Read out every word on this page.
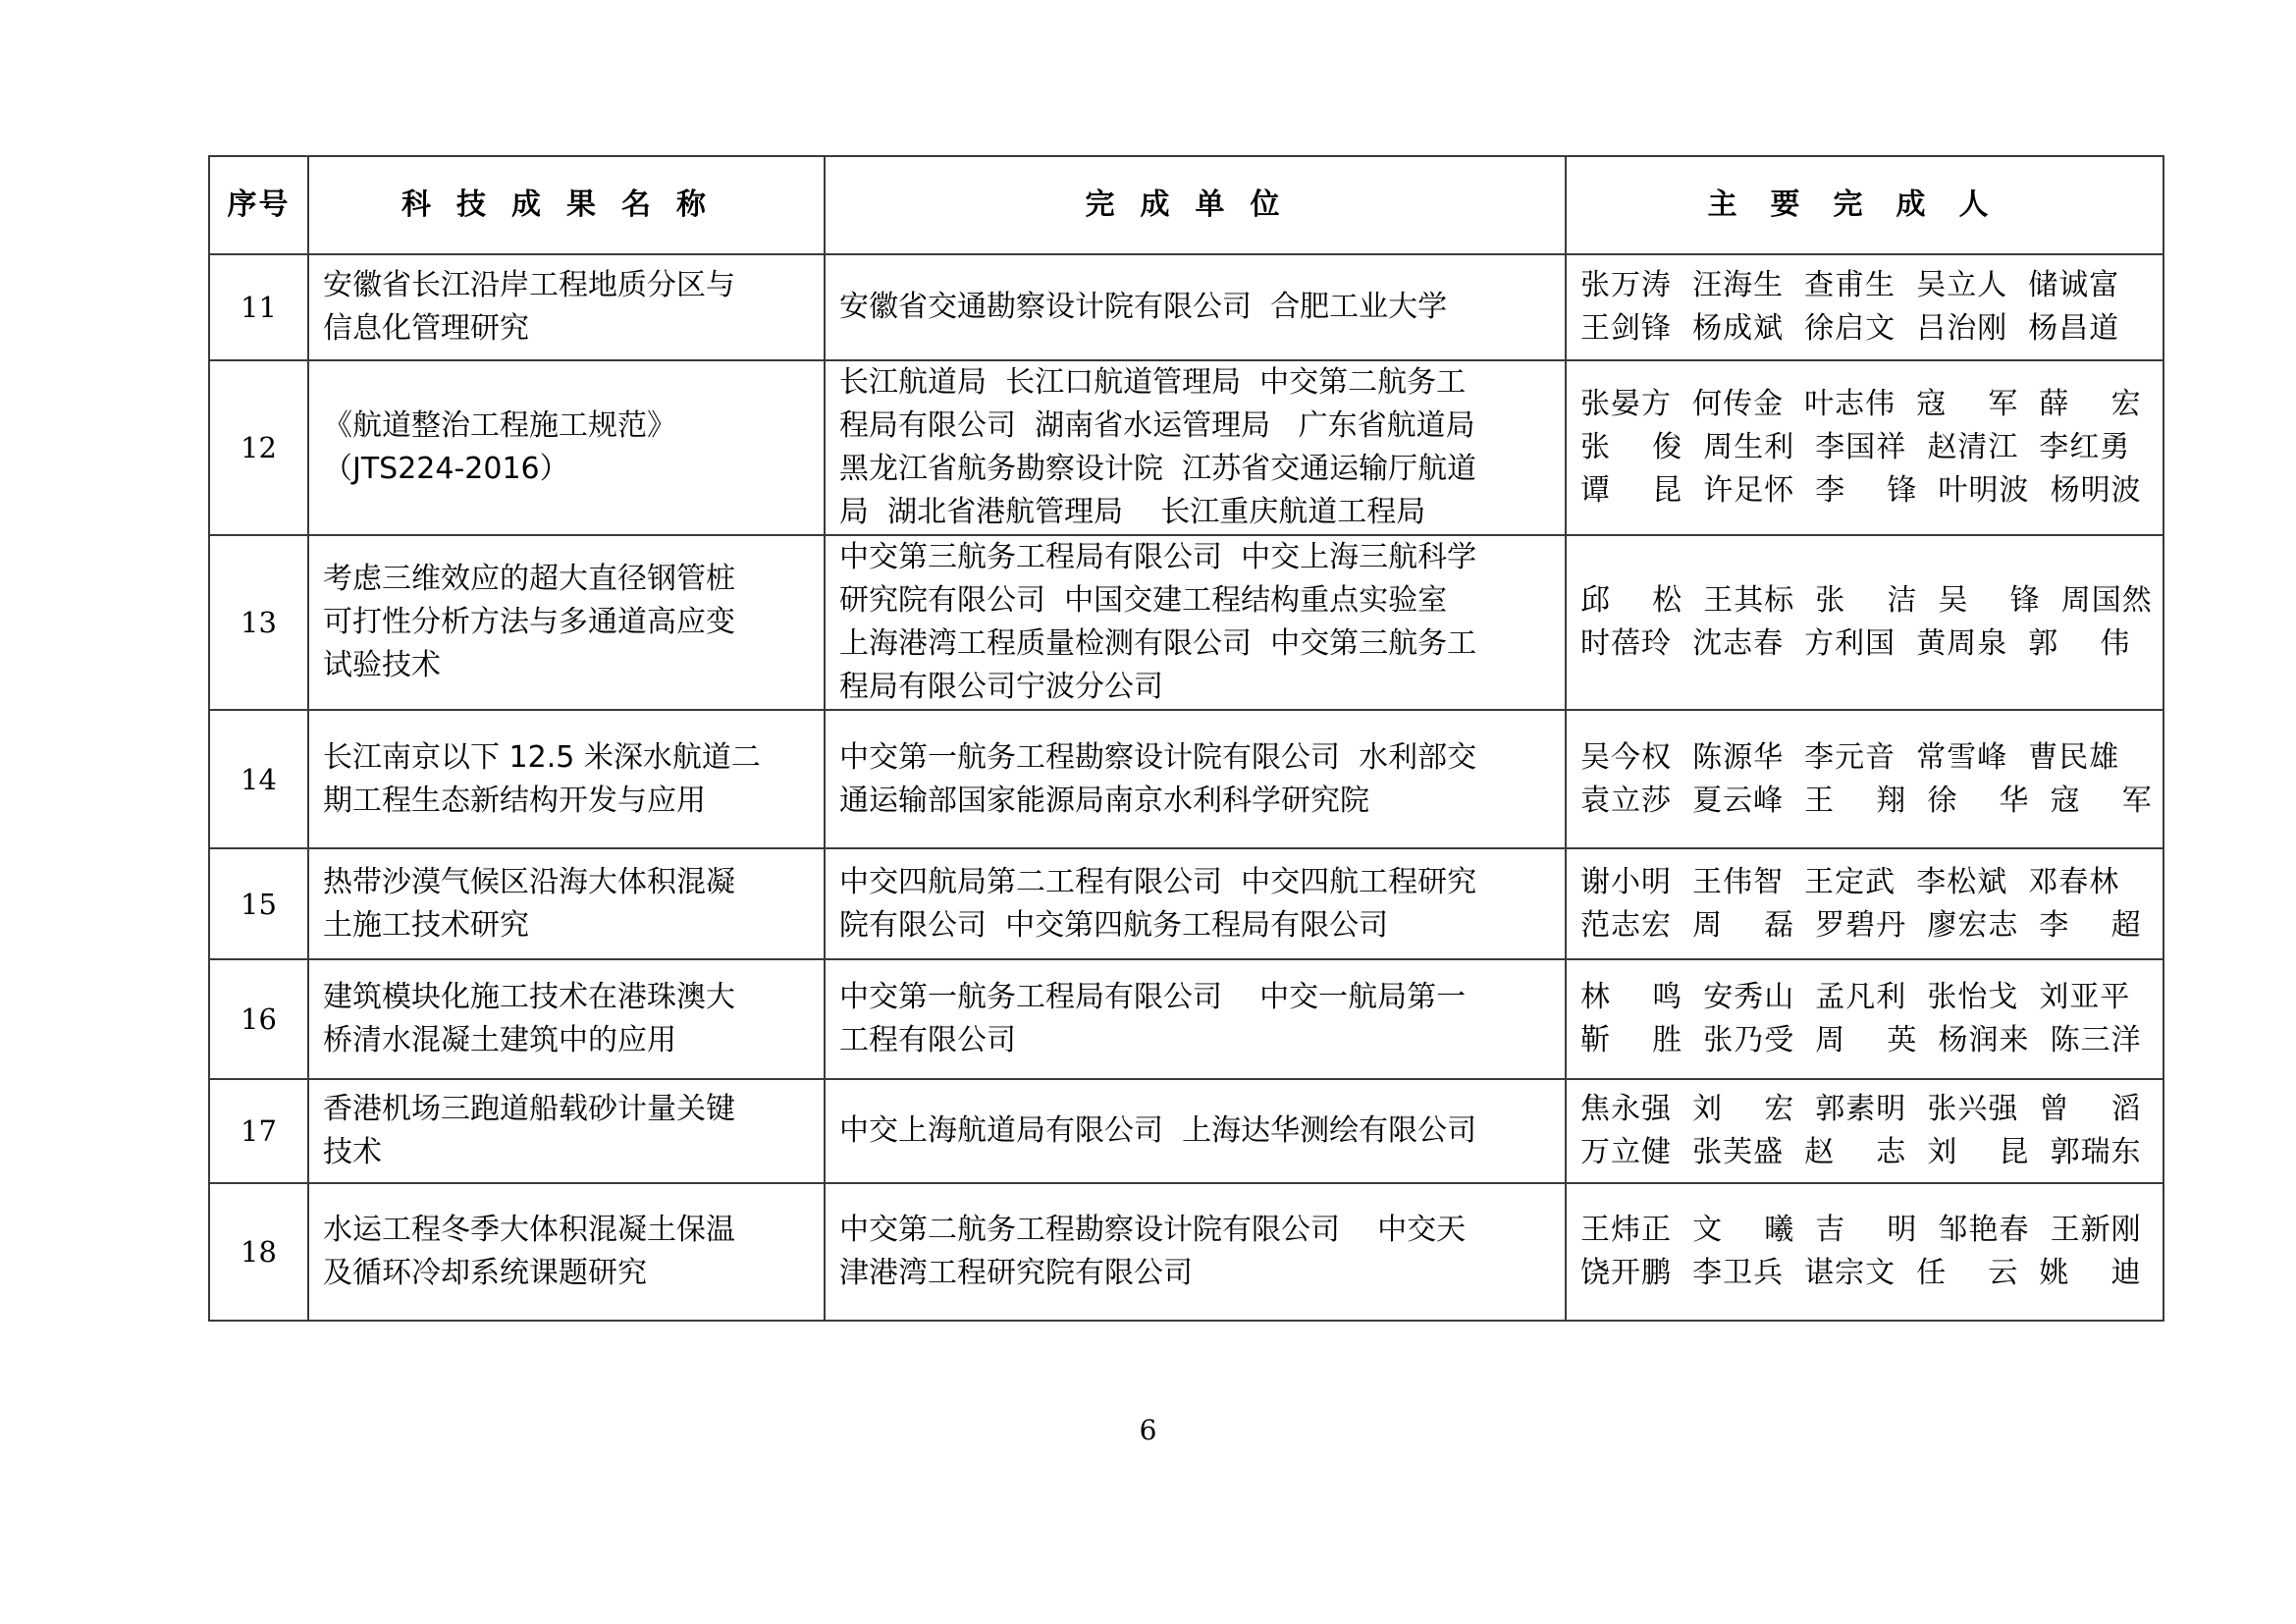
序号	科技成果名称	完成单位	主要完成人
11	安徽省长江沿岸工程地质分区与
信息化管理研究	安徽省交通勘察设计院有限公司  合肥工业大学	张万涛  汪海生  查甫生  吴立人  储诚富
王剑锋  杨成斌  徐启文  吕治刚  杨昌道

12	《航道整治工程施工规范》
（JTS224-2016）	长江航道局  长江口航道管理局  中交第二航务工
程局有限公司  湖南省水运管理局   广东省航道局
黑龙江省航务勘察设计院  江苏省交通运输厅航道
局  湖北省港航管理局    长江重庆航道工程局	张晏方  何传金  叶志伟  寇    军  薛    宏
张    俊  周生利  李国祥  赵清江  李红勇
谭    昆  许足怀  李    锋  叶明波  杨明波

13	考虑三维效应的超大直径钢管桩
可打性分析方法与多通道高应变
试验技术	中交第三航务工程局有限公司  中交上海三航科学
研究院有限公司  中国交建工程结构重点实验室
上海港湾工程质量检测有限公司  中交第三航务工
程局有限公司宁波分公司	邱    松  王其标  张    洁  吴    锋  周国然
时蓓玲  沈志春  方利国  黄周泉  郭    伟

14	长江南京以下 12.5 米深水航道二
期工程生态新结构开发与应用	中交第一航务工程勘察设计院有限公司  水利部交
通运输部国家能源局南京水利科学研究院	吴今权  陈源华  李元音  常雪峰  曹民雄
袁立莎  夏云峰  王    翔  徐    华  寇    军

15	热带沙漠气候区沿海大体积混凝
土施工技术研究	中交四航局第二工程有限公司  中交四航工程研究
院有限公司  中交第四航务工程局有限公司	谢小明  王伟智  王定武  李松斌  邓春林
范志宏  周    磊  罗碧丹  廖宏志  李    超

16	建筑模块化施工技术在港珠澳大
桥清水混凝土建筑中的应用	中交第一航务工程局有限公司    中交一航局第一
工程有限公司	林    鸣  安秀山  孟凡利  张怡戈  刘亚平
靳    胜  张乃受  周    英  杨润来  陈三洋

17	香港机场三跑道船载砂计量关键
技术	中交上海航道局有限公司  上海达华测绘有限公司	焦永强  刘    宏  郭素明  张兴强  曾    滔
万立健  张芙盛  赵    志  刘    昆  郭瑞东

18	水运工程冬季大体积混凝土保温
及循环冷却系统课题研究	中交第二航务工程勘察设计院有限公司    中交天
津港湾工程研究院有限公司	王炜正  文    曦  吉    明  邹艳春  王新刚
饶开鹏  李卫兵  谌宗文  任    云  姚    迪
6
